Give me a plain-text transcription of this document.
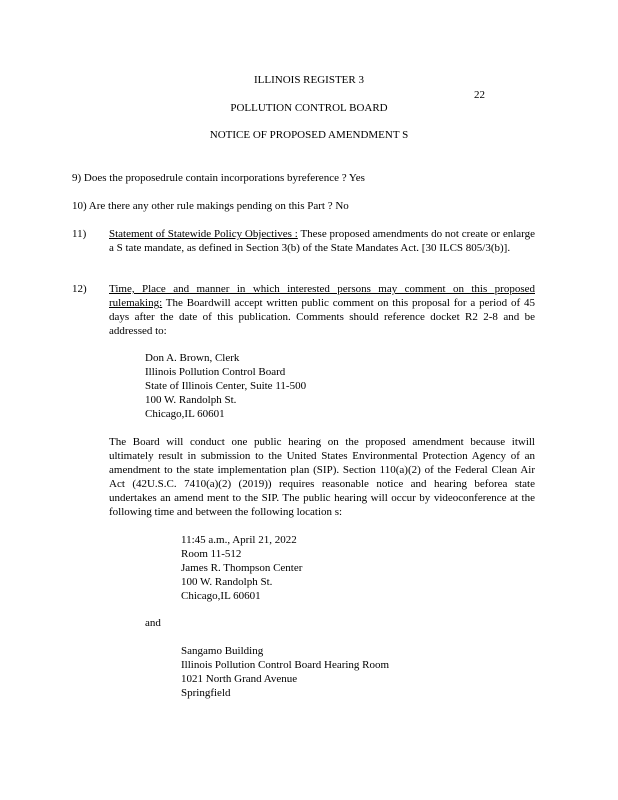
ILLINOIS REGISTER 3
22
POLLUTION CONTROL BOARD
NOTICE OF PROPOSED AMENDMENT S
9) Does the proposedrule contain incorporations byreference ? Yes
10) Are there any other rule makings pending on this Part ? No
11) Statement of Statewide Policy Objectives : These proposed amendments do not create or enlarge a S tate mandate, as defined in Section 3(b) of the State Mandates Act. [30 ILCS 805/3(b)].
12) Time, Place and manner in which interested persons may comment on this proposed rulemaking: The Boardwill accept written public comment on this proposal for a period of 45 days after the date of this publication. Comments should reference docket R2 2-8 and be addressed to:
Don A. Brown, Clerk
Illinois Pollution Control Board
State of Illinois Center, Suite 11-500
100 W. Randolph St.
Chicago,IL 60601
The Board will conduct one public hearing on the proposed amendment because itwill ultimately result in submission to the United States Environmental Protection Agency of an amendment to the state implementation plan (SIP). Section 110(a)(2) of the Federal Clean Air Act (42U.S.C. 7410(a)(2) (2019)) requires reasonable notice and hearing beforea state undertakes an amend ment to the SIP. The public hearing will occur by videoconference at the following time and between the following location s:
11:45 a.m., April 21, 2022
Room 11-512
James R. Thompson Center
100 W. Randolph St.
Chicago,IL 60601
and
Sangamo Building
Illinois Pollution Control Board Hearing Room
1021 North Grand Avenue
Springfield
